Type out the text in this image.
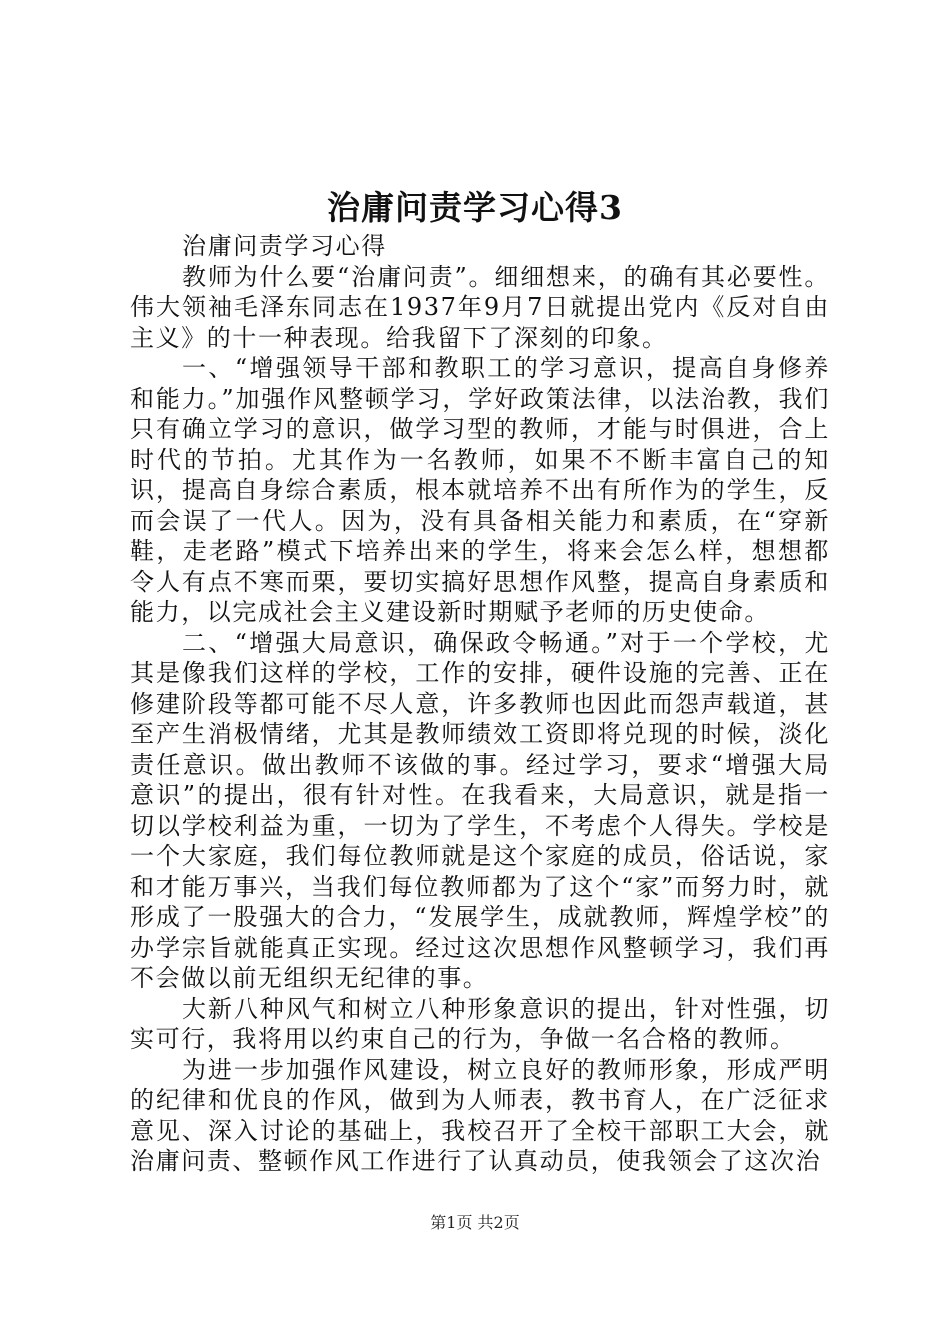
治庸问责学习心得3

治庸问责学习心得

教师为什么要“治庸问责”。细细想来，的确有其必要性。伟大领袖毛泽东同志在1937年9月7日就提出党内《反对自由主义》的十一种表现。给我留下了深刻的印象。

一、“增强领导干部和教职工的学习意识，提高自身修养和能力。”加强作风整顿学习，学好政策法律，以法治教，我们只有确立学习的意识，做学习型的教师，才能与时俱进，合上时代的节拍。尤其作为一名教师，如果不不断丰富自己的知识，提高自身综合素质，根本就培养不出有所作为的学生，反而会误了一代人。因为，没有具备相关能力和素质，在“穿新鞋，走老路”模式下培养出来的学生，将来会怎么样，想想都令人有点不寒而栗，要切实搞好思想作风整，提高自身素质和能力，以完成社会主义建设新时期赋予老师的历史使命。

二、“增强大局意识，确保政令畅通。”对于一个学校，尤其是像我们这样的学校，工作的安排，硬件设施的完善、正在修建阶段等都可能不尽人意，许多教师也因此而怨声载道，甚至产生消极情绪，尤其是教师绩效工资即将兑现的时候，淡化责任意识。做出教师不该做的事。经过学习，要求“增强大局意识”的提出，很有针对性。在我看来，大局意识，就是指一切以学校利益为重，一切为了学生，不考虑个人得失。学校是一个大家庭，我们每位教师就是这个家庭的成员，俗话说，家和才能万事兴，当我们每位教师都为了这个“家”而努力时，就形成了一股强大的合力，“发展学生，成就教师，辉煌学校”的办学宗旨就能真正实现。经过这次思想作风整顿学习，我们再不会做以前无组织无纪律的事。

大新八种风气和树立八种形象意识的提出，针对性强，切实可行，我将用以约束自己的行为，争做一名合格的教师。

为进一步加强作风建设，树立良好的教师形象，形成严明的纪律和优良的作风，做到为人师表，教书育人，在广泛征求意见、深入讨论的基础上，我校召开了全校干部职工大会，就治庸问责、整顿作风工作进行了认真动员，使我领会了这次治

第1页 共2页
